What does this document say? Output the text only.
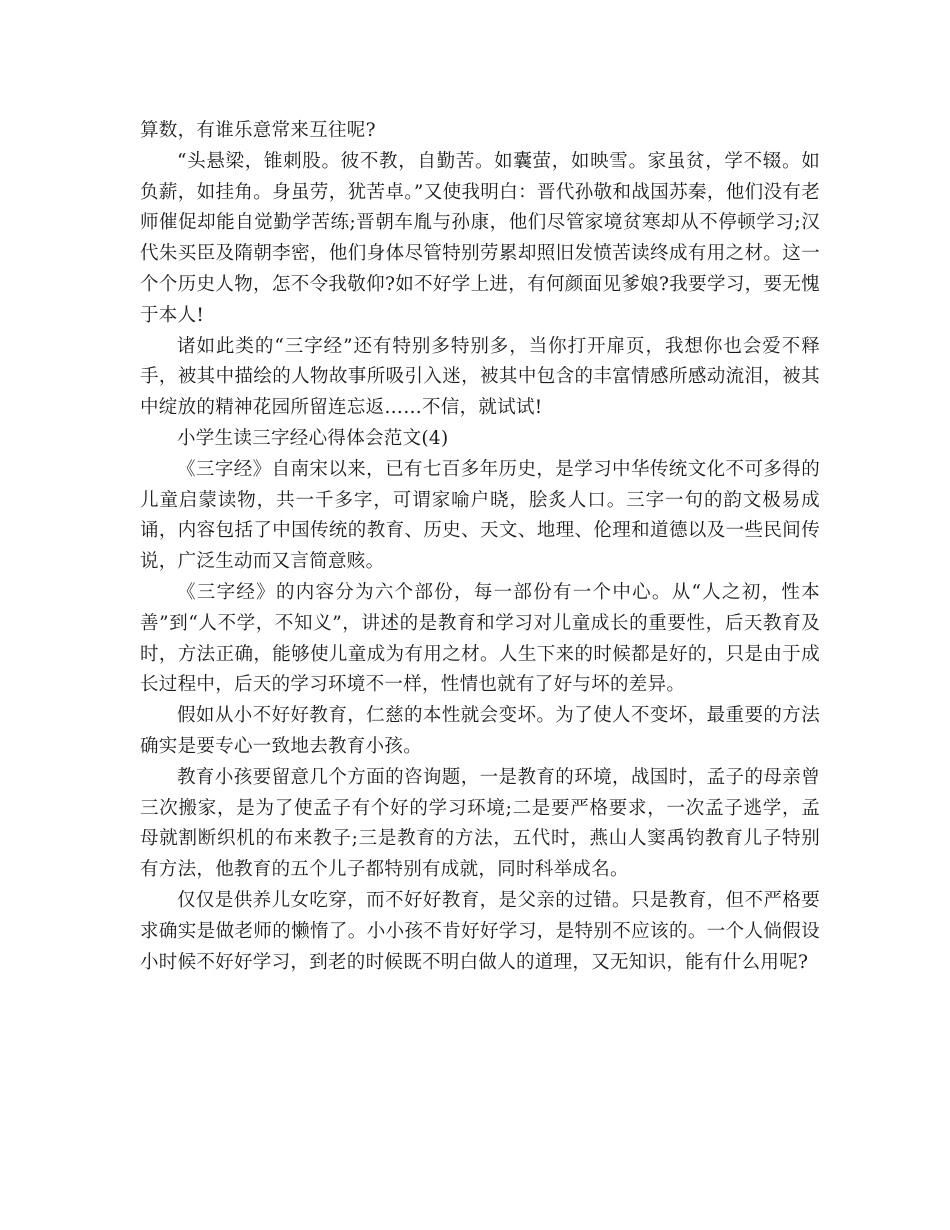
算数，有谁乐意常来互往呢?

“头悬梁，锥刺股。彼不教，自勤苦。如囊萤，如映雪。家虽贫，学不辍。如负薪，如挂角。身虽劳，犹苦卓。”又使我明白：晋代孙敬和战国苏秦，他们没有老师催促却能自觉勤学苦练;晋朝车胤与孙康，他们尽管家境贫寒却从不停顿学习;汉代朱买臣及隋朝李密，他们身体尽管特别劳累却照旧发愤苦读终成有用之材。这一个个历史人物，怎不令我敬仰?如不好学上进，有何颜面见爹娘?我要学习，要无愧于本人!

诸如此类的“三字经”还有特别多特别多，当你打开扉页，我想你也会爱不释手，被其中描绘的人物故事所吸引入迷，被其中包含的丰富情感所感动流泪，被其中绽放的精神花园所留连忘返……不信，就试试!

小学生读三字经心得体会范文(4)

《三字经》自南宋以来，已有七百多年历史，是学习中华传统文化不可多得的儿童启蒙读物，共一千多字，可谓家喻户晓，脍炙人口。三字一句的韵文极易成诵，内容包括了中国传统的教育、历史、天文、地理、伦理和道德以及一些民间传说，广泛生动而又言简意赅。

《三字经》的内容分为六个部份，每一部份有一个中心。从“人之初，性本善”到“人不学，不知义”，讲述的是教育和学习对儿童成长的重要性，后天教育及时，方法正确，能够使儿童成为有用之材。人生下来的时候都是好的，只是由于成长过程中，后天的学习环境不一样，性情也就有了好与坏的差异。

假如从小不好好教育，仁慈的本性就会变坏。为了使人不变坏，最重要的方法确实是要专心一致地去教育小孩。

教育小孩要留意几个方面的咨询题，一是教育的环境，战国时，孟子的母亲曾三次搬家，是为了使孟子有个好的学习环境;二是要严格要求，一次孟子逃学，孟母就割断织机的布来教子;三是教育的方法，五代时，燕山人窦禹钧教育儿子特别有方法，他教育的五个儿子都特别有成就，同时科举成名。

仅仅是供养儿女吃穿，而不好好教育，是父亲的过错。只是教育，但不严格要求确实是做老师的懒惰了。小小孩不肯好好学习，是特别不应该的。一个人倘假设小时候不好好学习，到老的时候既不明白做人的道理，又无知识，能有什么用呢?
